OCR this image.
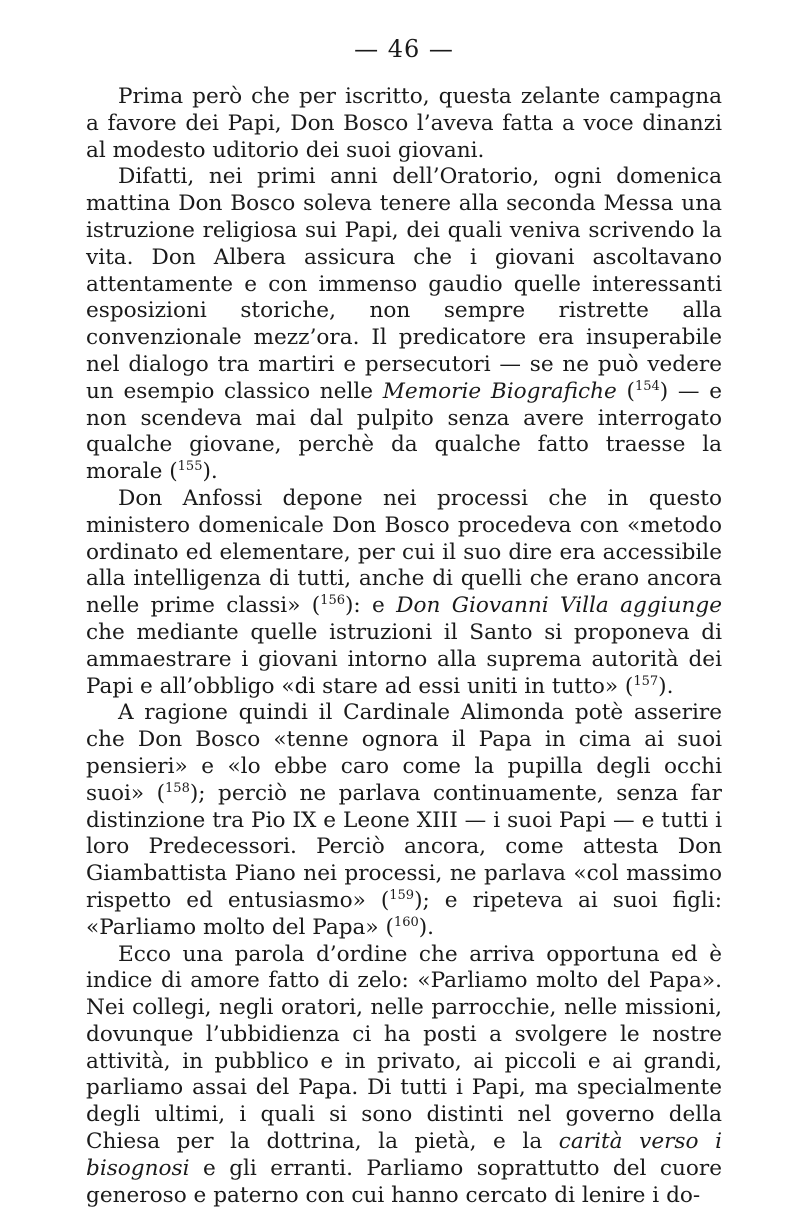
— 46 —

Prima però che per iscritto, questa zelante campagna a favore dei Papi, Don Bosco l’aveva fatta a voce dinanzi al modesto uditorio dei suoi giovani.

Difatti, nei primi anni dell’Oratorio, ogni domenica mattina Don Bosco soleva tenere alla seconda Messa una istruzione religiosa sui Papi, dei quali veniva scrivendo la vita. Don Albera assicura che i giovani ascoltavano attentamente e con immenso gaudio quelle interessanti esposizioni storiche, non sempre ristrette alla convenzionale mezz’ora. Il predicatore era insuperabile nel dialogo tra martiri e persecutori — se ne può vedere un esempio classico nelle Memorie Biografiche ($^{154}$) — e non scendeva mai dal pulpito senza avere interrogato qualche giovane, perchè da qualche fatto traesse la morale ($^{155}$).

Don Anfossi depone nei processi che in questo ministero domenicale Don Bosco procedeva con «metodo ordinato ed elementare, per cui il suo dire era accessibile alla intelligenza di tutti, anche di quelli che erano ancora nelle prime classi» ($^{156}$): e Don Giovanni Villa aggiunge che mediante quelle istruzioni il Santo si proponeva di ammaestrare i giovani intorno alla suprema autorità dei Papi e all’obbligo «di stare ad essi uniti in tutto» ($^{157}$).

A ragione quindi il Cardinale Alimonda potè asserire che Don Bosco «tenne ognora il Papa in cima ai suoi pensieri» e «lo ebbe caro come la pupilla degli occhi suoi» ($^{158}$); perciò ne parlava continuamente, senza far distinzione tra Pio IX e Leone XIII — i suoi Papi — e tutti i loro Predecessori. Perciò ancora, come attesta Don Giambattista Piano nei processi, ne parlava «col massimo rispetto ed entusiasmo» ($^{159}$); e ripeteva ai suoi figli: «Parliamo molto del Papa» ($^{160}$).

Ecco una parola d’ordine che arriva opportuna ed è indice di amore fatto di zelo: «Parliamo molto del Papa». Nei collegi, negli oratori, nelle parrocchie, nelle missioni, dovunque l’ubbidienza ci ha posti a svolgere le nostre attività, in pubblico e in privato, ai piccoli e ai grandi, parliamo assai del Papa. Di tutti i Papi, ma specialmente degli ultimi, i quali si sono distinti nel governo della Chiesa per la dottrina, la pietà, e la carità verso i bisognosi e gli erranti. Parliamo soprattutto del cuore generoso e paterno con cui hanno cercato di lenire i do-
